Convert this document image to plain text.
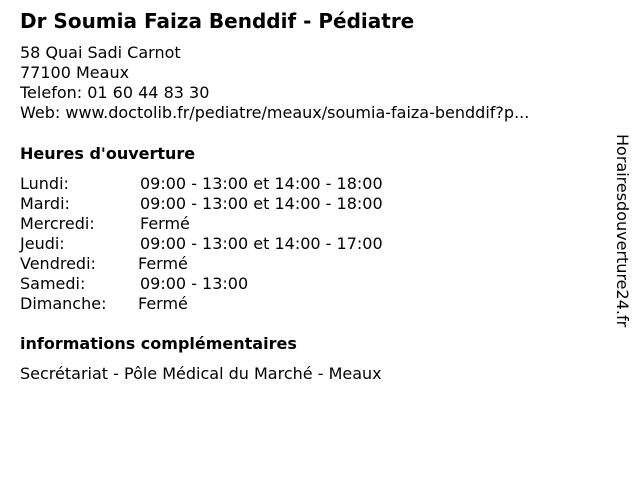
Dr Soumia Faiza Benddif - Pédiatre
58 Quai Sadi Carnot
77100 Meaux
Telefon: 01 60 44 83 30
Web: www.doctolib.fr/pediatre/meaux/soumia-faiza-benddif?p...
Heures d'ouverture
Lundi:	09:00 - 13:00 et 14:00 - 18:00
Mardi:	09:00 - 13:00 et 14:00 - 18:00
Mercredi:	Fermé
Jeudi:	09:00 - 13:00 et 14:00 - 17:00
Vendredi:	Fermé
Samedi:	09:00 - 13:00
Dimanche: Fermé
informations complémentaires
Secrétariat - Pôle Médical du Marché - Meaux
Horairesdouverture24.fr
